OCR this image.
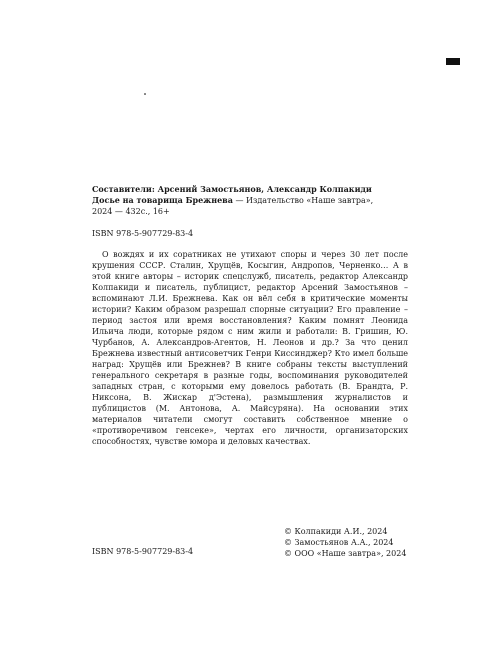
Составители: Арсений Замостьянов, Александр Колпакиди
Досье на товарища Брежнева — Издательство «Наше завтра»,
2024 — 432с., 16+
ISBN 978-5-907729-83-4

О вождях и их соратниках не утихают споры и через 30 лет после крушения СССР. Сталин, Хрущёв, Косыгин, Андропов, Черненко… А в этой книге авторы – историк спецслужб, писатель, редактор Александр Колпакиди и писатель, публицист, редактор Арсений Замостьянов – вспоминают Л.И. Брежнева. Как он вёл себя в критические моменты истории? Каким образом разрешал спорные ситуации? Его правление – период застоя или время восстановления? Каким помнят Леонида Ильича люди, которые рядом с ним жили и работали: В. Гришин, Ю. Чурбанов, А. Александров-Агентов, Н. Леонов и др.? За что ценил Брежнева известный антисоветчик Генри Киссинджер? Кто имел больше наград: Хрущёв или Брежнев? В книге собраны тексты выступлений генерального секретаря в разные годы, воспоминания руководителей западных стран, с которыми ему довелось работать (В. Брандта, Р. Никсона, В. Жискар д'Эстена), размышления журналистов и публицистов (М. Антонова, А. Майсуряна). На основании этих материалов читатели смогут составить собственное мнение о «противоречивом генсеке», чертах его личности, организаторских способностях, чувстве юмора и деловых качествах.

ISBN 978-5-907729-83-4
© Колпакиди А.И., 2024
© Замостьянов А.А., 2024
© ООО «Наше завтра», 2024
